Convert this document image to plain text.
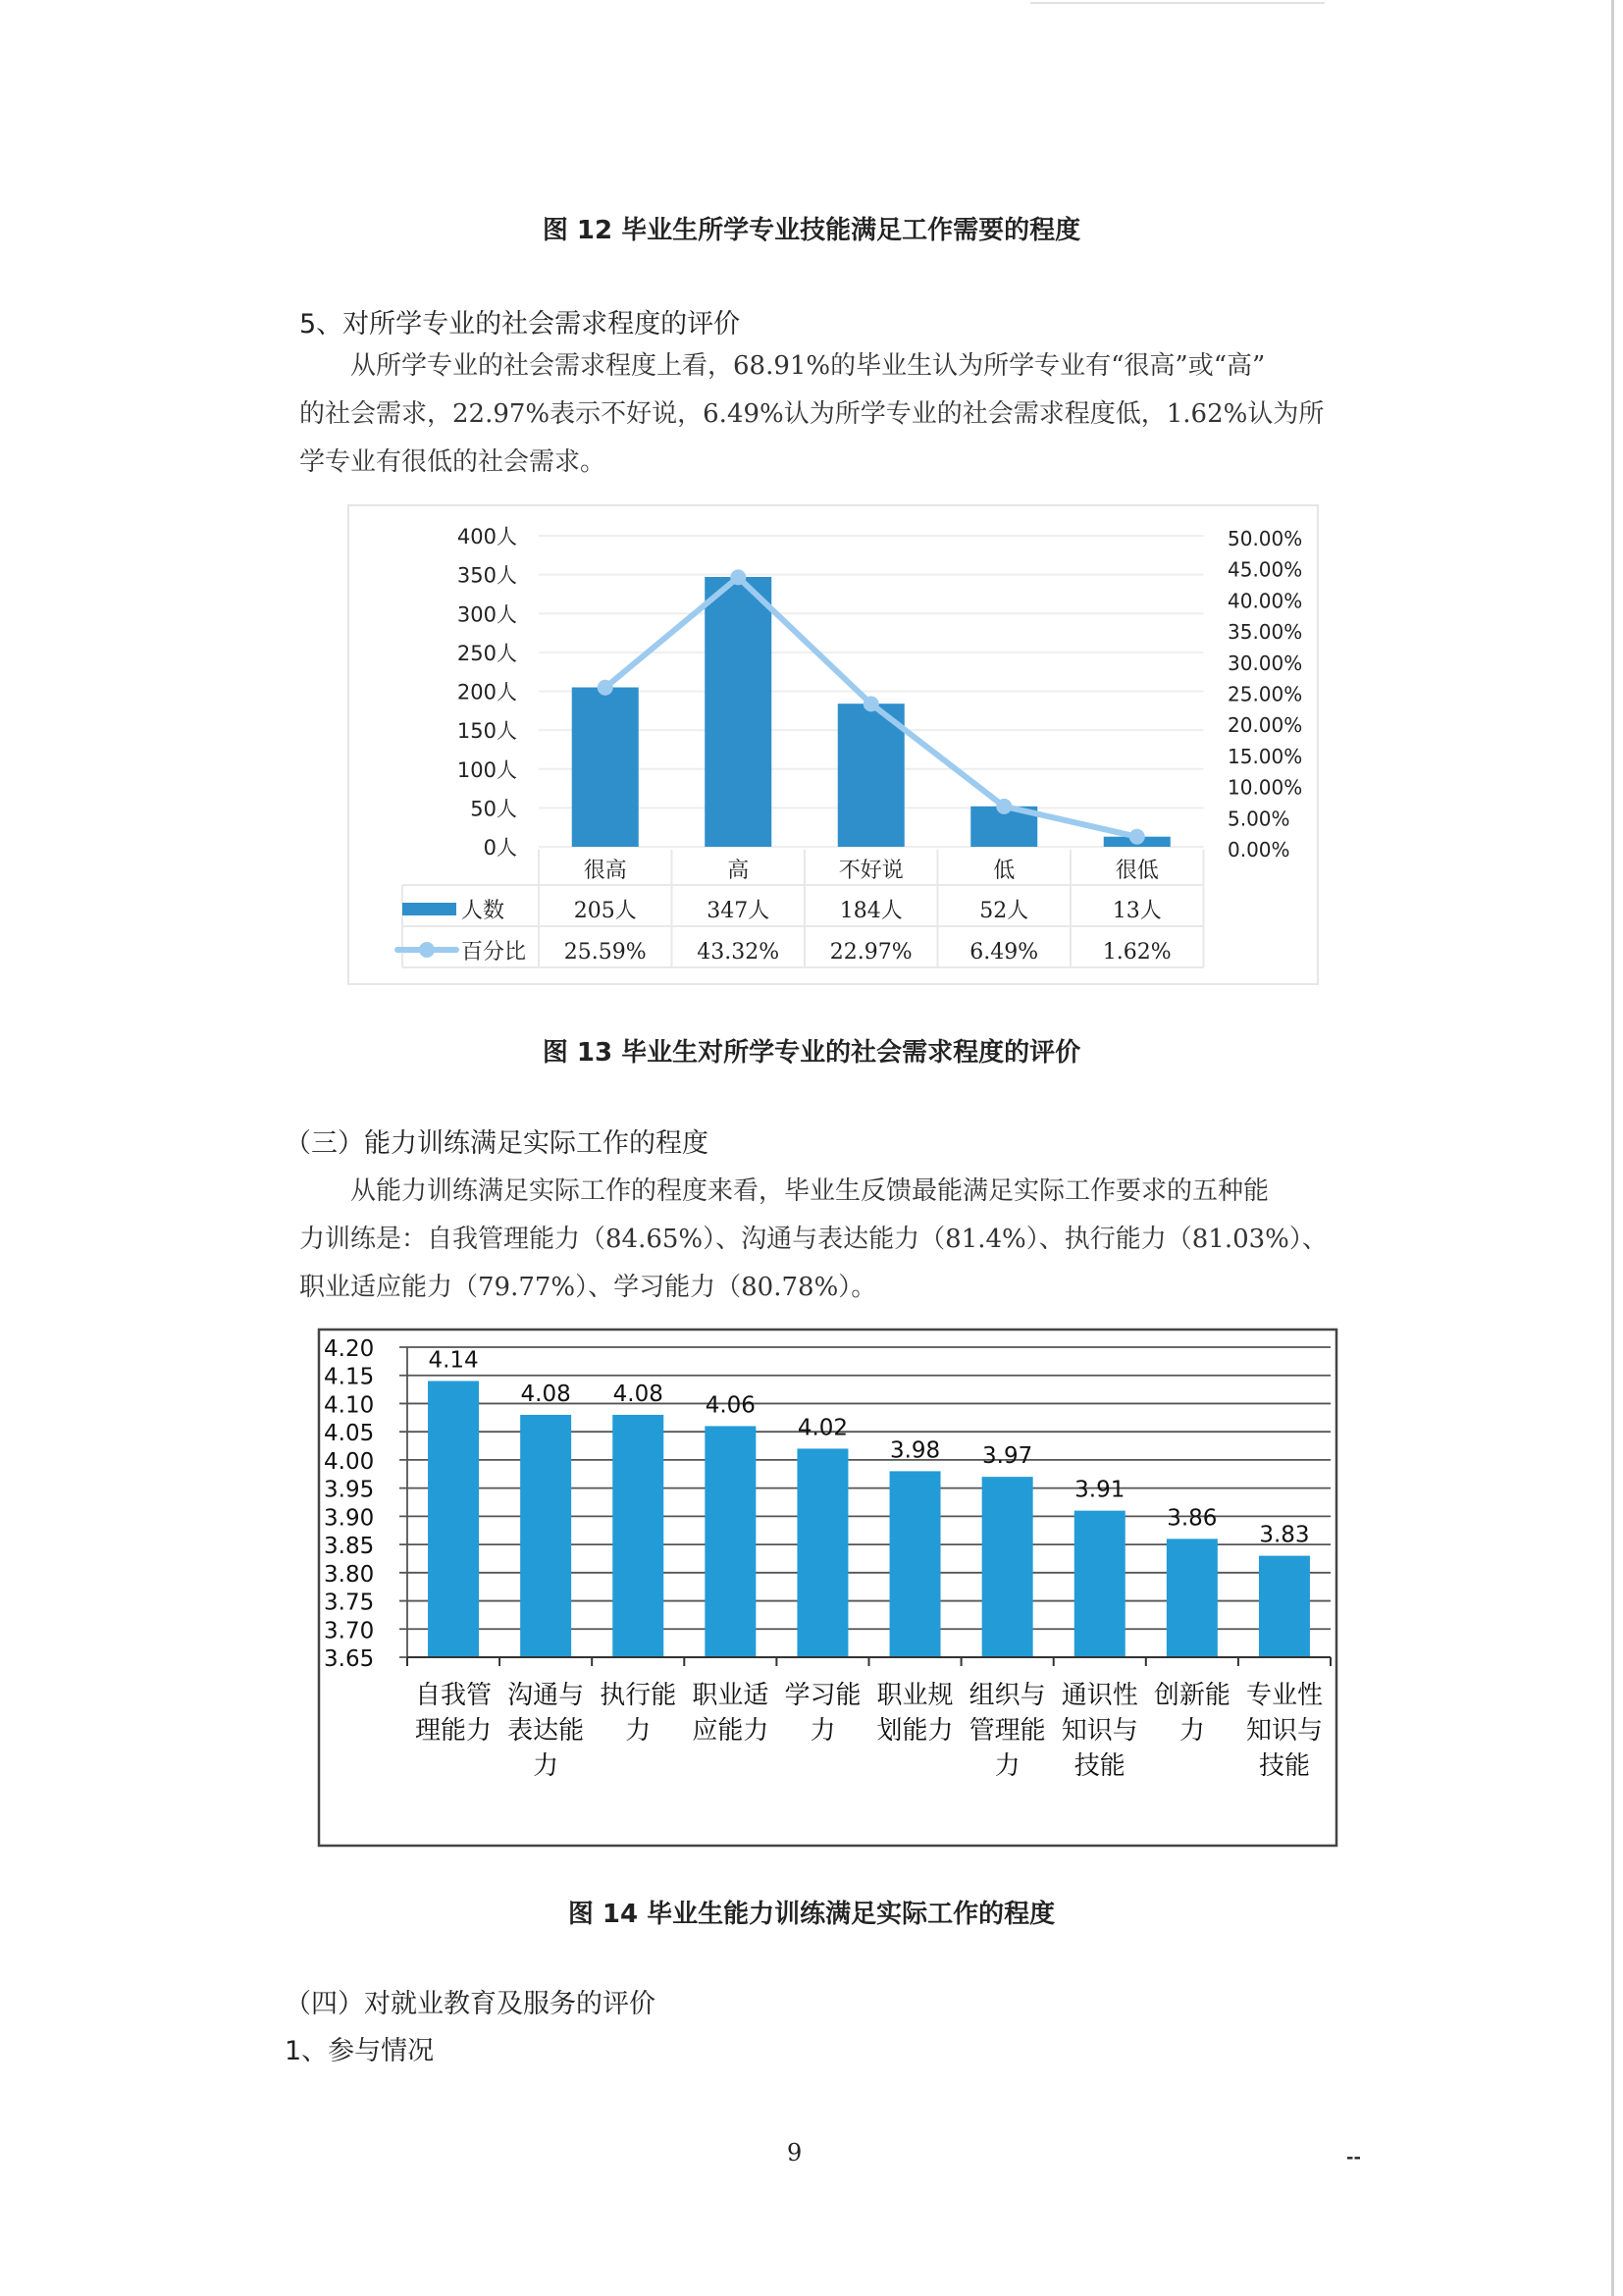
图 12 毕业生所学专业技能满足工作需要的程度
5、对所学专业的社会需求程度的评价
从所学专业的社会需求程度上看，68.91%的毕业生认为所学专业有“很高”或“高”
的社会需求，22.97%表示不好说，6.49%认为所学专业的社会需求程度低，1.62%认为所
学专业有很低的社会需求。
0人
50人
100人
150人
200人
250人
300人
350人
400人
0.00%
5.00%
10.00%
15.00%
20.00%
25.00%
30.00%
35.00%
40.00%
45.00%
50.00%
很高	高	不好说	低	很低
人数
百分比
205人	347人	184人	52人	13人
25.59% 43.32% 22.97%	6.49%	1.62%
图 13 毕业生对所学专业的社会需求程度的评价
（三）能力训练满足实际工作的程度
从能力训练满足实际工作的程度来看，毕业生反馈最能满足实际工作要求的五种能
力训练是：自我管理能力（84.65%）、沟通与表达能力（81.4%）、执行能力（81.03%）、
职业适应能力（79.77%）、学习能力（80.78%）。
3.65
3.70
3.75
3.80
3.85
3.90
3.95
4.00
4.05
4.10
4.15
4.20 4.14
4.08 4.08 4.06
4.02
3.98 3.97
3.91
3.86
3.83
自我管
理能力
沟通与
表达能
力
执行能
力
职业适
应能力
学习能
力
职业规
划能力
组织与
管理能
力
通识性
知识与
技能
创新能
力
专业性
知识与
技能
图 14 毕业生能力训练满足实际工作的程度
（四）对就业教育及服务的评价
1、参与情况
9	--
